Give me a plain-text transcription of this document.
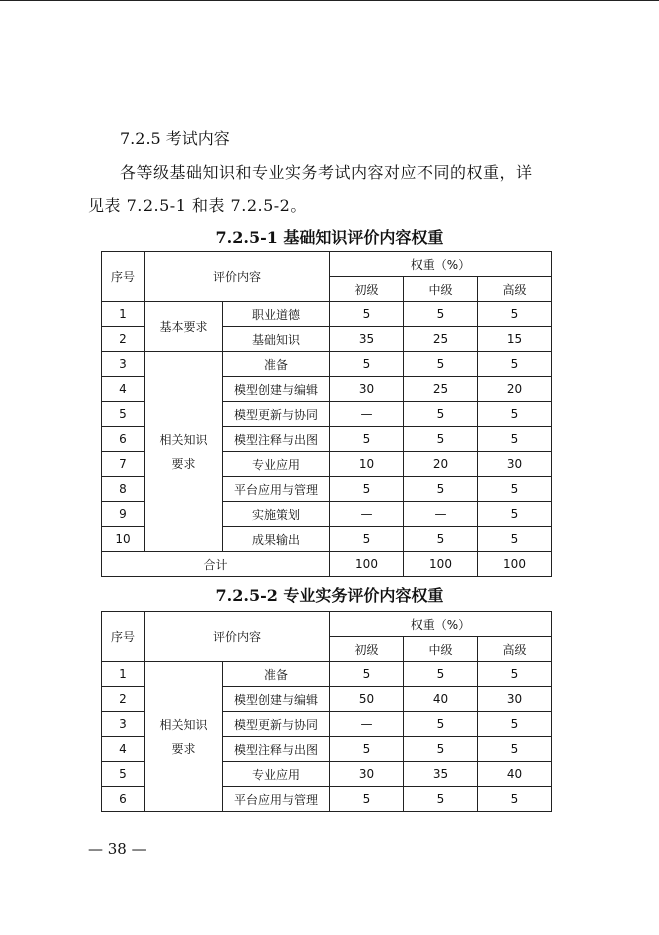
7.2.5 考试内容
各等级基础知识和专业实务考试内容对应不同的权重，详
见表 7.2.5-1 和表 7.2.5-2。
7.2.5-1 基础知识评价内容权重
序号	评价内容		权重（%）		
			初级	中级	高级
1	基本要求	职业道德	5	5	5
2		基础知识	35	25	15
3	相关知识要求	准备	5	5	5
4		模型创建与编辑	30	25	20
5		模型更新与协同	—	5	5
6		模型注释与出图	5	5	5
7		专业应用	10	20	30
8		平台应用与管理	5	5	5
9		实施策划	—	—	5
10		成果输出	5	5	5
合计			100	100	100
7.2.5-2 专业实务评价内容权重
序号	评价内容		权重（%）		
			初级	中级	高级
1	相关知识要求	准备	5	5	5
2		模型创建与编辑	50	40	30
3		模型更新与协同	—	5	5
4		模型注释与出图	5	5	5
5		专业应用	30	35	40
6		平台应用与管理	5	5	5
— 38 —
